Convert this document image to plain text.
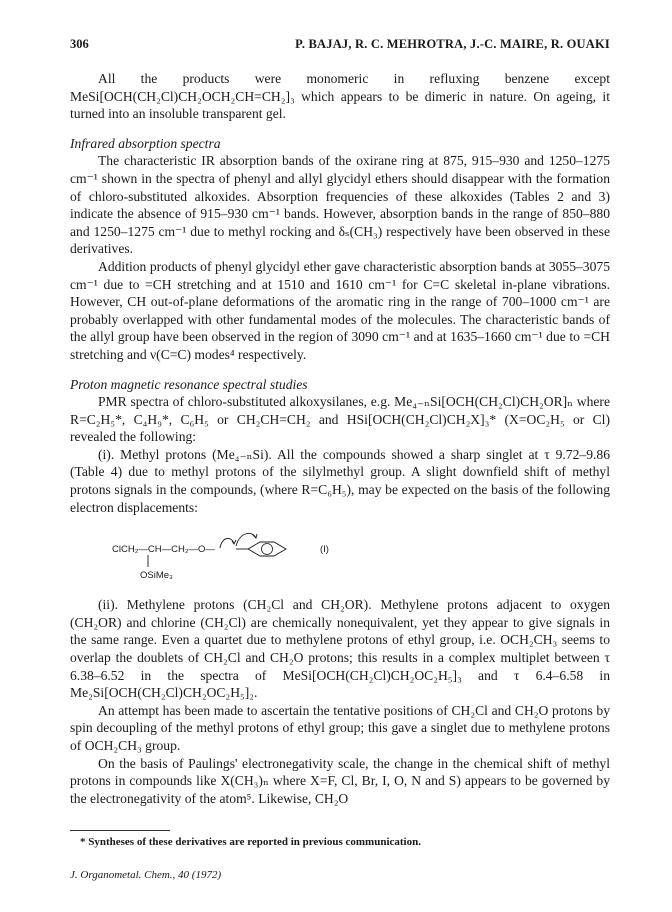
306	P. BAJAJ, R. C. MEHROTRA, J.-C. MAIRE, R. OUAKI

All the products were monomeric in refluxing benzene except MeSi[OCH(CH₂Cl)CH₂OCH₂CH=CH₂]₃ which appears to be dimeric in nature. On ageing, it turned into an insoluble transparent gel.

Infrared absorption spectra

The characteristic IR absorption bands of the oxirane ring at 875, 915–930 and 1250–1275 cm⁻¹ shown in the spectra of phenyl and allyl glycidyl ethers should disappear with the formation of chloro-substituted alkoxides. Absorption frequencies of these alkoxides (Tables 2 and 3) indicate the absence of 915–930 cm⁻¹ bands. However, absorption bands in the range of 850–880 and 1250–1275 cm⁻¹ due to methyl rocking and δₛ(CH₃) respectively have been observed in these derivatives.

Addition products of phenyl glycidyl ether gave characteristic absorption bands at 3055–3075 cm⁻¹ due to =CH stretching and at 1510 and 1610 cm⁻¹ for C=C skeletal in-plane vibrations. However, CH out-of-plane deformations of the aromatic ring in the range of 700–1000 cm⁻¹ are probably overlapped with other fundamental modes of the molecules. The characteristic bands of the allyl group have been observed in the region of 3090 cm⁻¹ and at 1635–1660 cm⁻¹ due to =CH stretching and ν(C=C) modes⁴ respectively.

Proton magnetic resonance spectral studies

PMR spectra of chloro-substituted alkoxysilanes, e.g. Me₄₋ₙSi[OCH(CH₂Cl)CH₂OR]ₙ where R=C₂H₅*, C₄H₉*, C₆H₅ or CH₂CH=CH₂ and HSi[OCH(CH₂Cl)CH₂X]₃* (X=OC₂H₅ or Cl) revealed the following:

(i). Methyl protons (Me₄₋ₙSi). All the compounds showed a sharp singlet at τ 9.72–9.86 (Table 4) due to methyl protons of the silylmethyl group. A slight downfield shift of methyl protons signals in the compounds, (where R=C₆H₅), may be expected on the basis of the following electron displacements:

ClCH₂—CH—CH₂—O—
OSiMe₃
(I)

(ii). Methylene protons (CH₂Cl and CH₂OR). Methylene protons adjacent to oxygen (CH₂OR) and chlorine (CH₂Cl) are chemically nonequivalent, yet they appear to give signals in the same range. Even a quartet due to methylene protons of ethyl group, i.e. OCH₂CH₃ seems to overlap the doublets of CH₂Cl and CH₂O protons; this results in a complex multiplet between τ 6.38–6.52 in the spectra of MeSi[OCH(CH₂Cl)CH₂OC₂H₅]₃ and τ 6.4–6.58 in Me₂Si[OCH(CH₂Cl)CH₂OC₂H₅]₂.

An attempt has been made to ascertain the tentative positions of CH₂Cl and CH₂O protons by spin decoupling of the methyl protons of ethyl group; this gave a singlet due to methylene protons of OCH₂CH₃ group.

On the basis of Paulings' electronegativity scale, the change in the chemical shift of methyl protons in compounds like X(CH₃)ₙ where X=F, Cl, Br, I, O, N and S) appears to be governed by the electronegativity of the atom⁵. Likewise, CH₂O

* Syntheses of these derivatives are reported in previous communication.
J. Organometal. Chem., 40 (1972)
